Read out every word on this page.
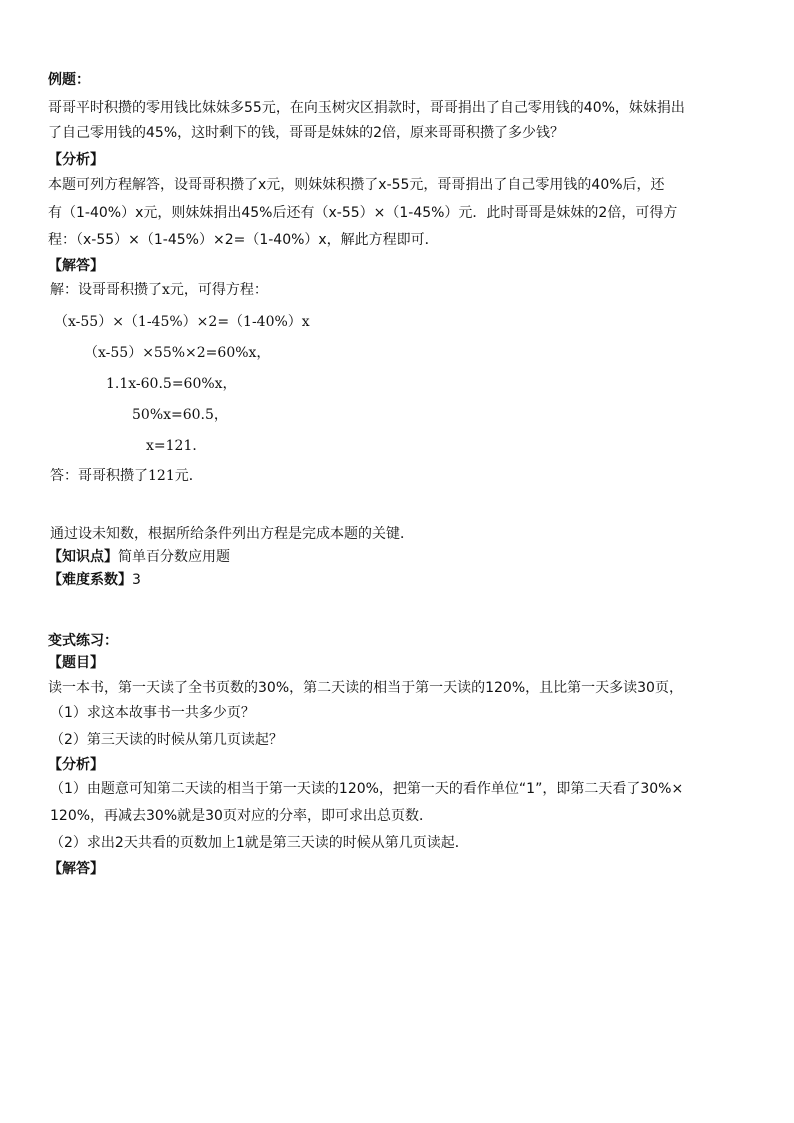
例题：
哥哥平时积攒的零用钱比妹妹多55元，在向玉树灾区捐款时，哥哥捐出了自己零用钱的40%，妹妹捐出
了自己零用钱的45%，这时剩下的钱，哥哥是妹妹的2倍，原来哥哥积攒了多少钱？
【分析】
本题可列方程解答，设哥哥积攒了x元，则妹妹积攒了x-55元，哥哥捐出了自己零用钱的40%后，还
有（1-40%）x元，则妹妹捐出45%后还有（x-55）×（1-45%）元．此时哥哥是妹妹的2倍，可得方
程：（x-55）×（1-45%）×2=（1-40%）x，解此方程即可．
【解答】
解：设哥哥积攒了x元，可得方程：
（x-55）×（1-45%）×2=（1-40%）x
（x-55）×55%×2=60%x，
1.1x-60.5=60%x，
50%x=60.5，
x=121．
答：哥哥积攒了121元．
通过设未知数，根据所给条件列出方程是完成本题的关键．
【知识点】简单百分数应用题
【难度系数】3
变式练习：
【题目】
读一本书，第一天读了全书页数的30%，第二天读的相当于第一天读的120%，且比第一天多读30页，
（1）求这本故事书一共多少页？
（2）第三天读的时候从第几页读起？
【分析】
（1）由题意可知第二天读的相当于第一天读的120%，把第一天的看作单位“1”，即第二天看了30%×
120%，再减去30%就是30页对应的分率，即可求出总页数．
（2）求出2天共看的页数加上1就是第三天读的时候从第几页读起．
【解答】
